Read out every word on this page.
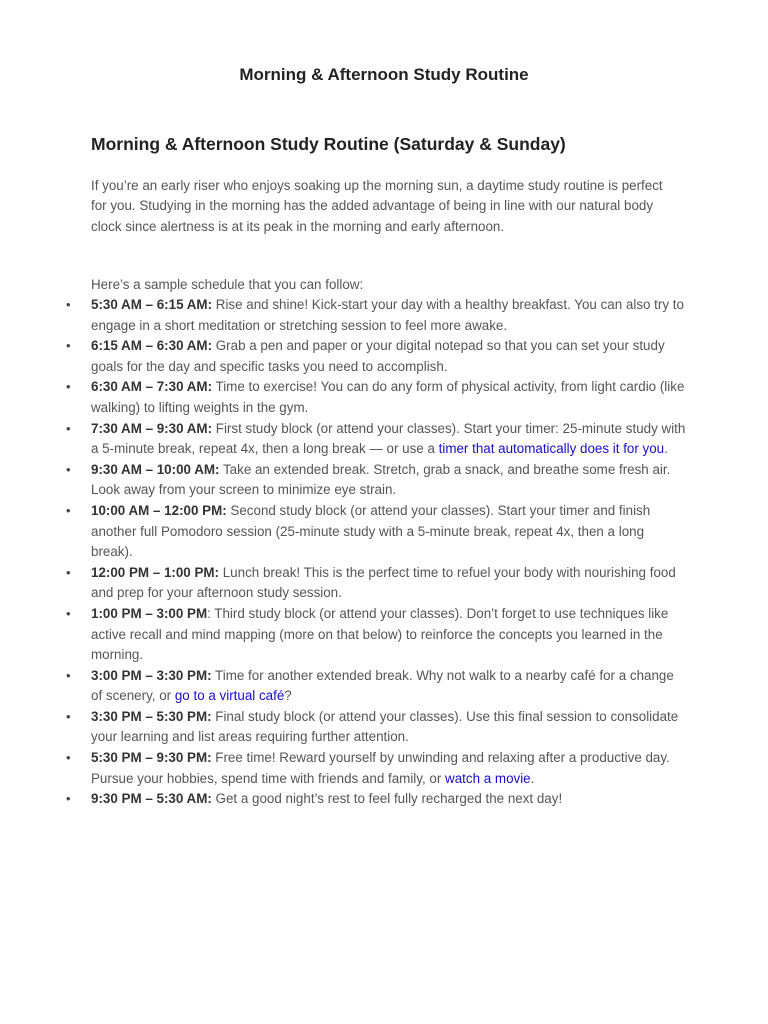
Morning & Afternoon Study Routine
Morning & Afternoon Study Routine (Saturday & Sunday)

If you’re an early riser who enjoys soaking up the morning sun, a daytime study routine is perfect for you. Studying in the morning has the added advantage of being in line with our natural body clock since alertness is at its peak in the morning and early afternoon.

Here’s a sample schedule that you can follow:

• 5:30 AM – 6:15 AM: Rise and shine! Kick-start your day with a healthy breakfast. You can also try to engage in a short meditation or stretching session to feel more awake.
• 6:15 AM – 6:30 AM: Grab a pen and paper or your digital notepad so that you can set your study goals for the day and specific tasks you need to accomplish.
• 6:30 AM – 7:30 AM: Time to exercise! You can do any form of physical activity, from light cardio (like walking) to lifting weights in the gym.
• 7:30 AM – 9:30 AM: First study block (or attend your classes). Start your timer: 25-minute study with a 5-minute break, repeat 4x, then a long break — or use a timer that automatically does it for you.
• 9:30 AM – 10:00 AM: Take an extended break. Stretch, grab a snack, and breathe some fresh air. Look away from your screen to minimize eye strain.
• 10:00 AM – 12:00 PM: Second study block (or attend your classes). Start your timer and finish another full Pomodoro session (25-minute study with a 5-minute break, repeat 4x, then a long break).
• 12:00 PM – 1:00 PM: Lunch break! This is the perfect time to refuel your body with nourishing food and prep for your afternoon study session.
• 1:00 PM – 3:00 PM: Third study block (or attend your classes). Don’t forget to use techniques like active recall and mind mapping (more on that below) to reinforce the concepts you learned in the morning.
• 3:00 PM – 3:30 PM: Time for another extended break. Why not walk to a nearby café for a change of scenery, or go to a virtual café?
• 3:30 PM – 5:30 PM: Final study block (or attend your classes). Use this final session to consolidate your learning and list areas requiring further attention.
• 5:30 PM – 9:30 PM: Free time! Reward yourself by unwinding and relaxing after a productive day. Pursue your hobbies, spend time with friends and family, or watch a movie.
• 9:30 PM – 5:30 AM: Get a good night’s rest to feel fully recharged the next day!
